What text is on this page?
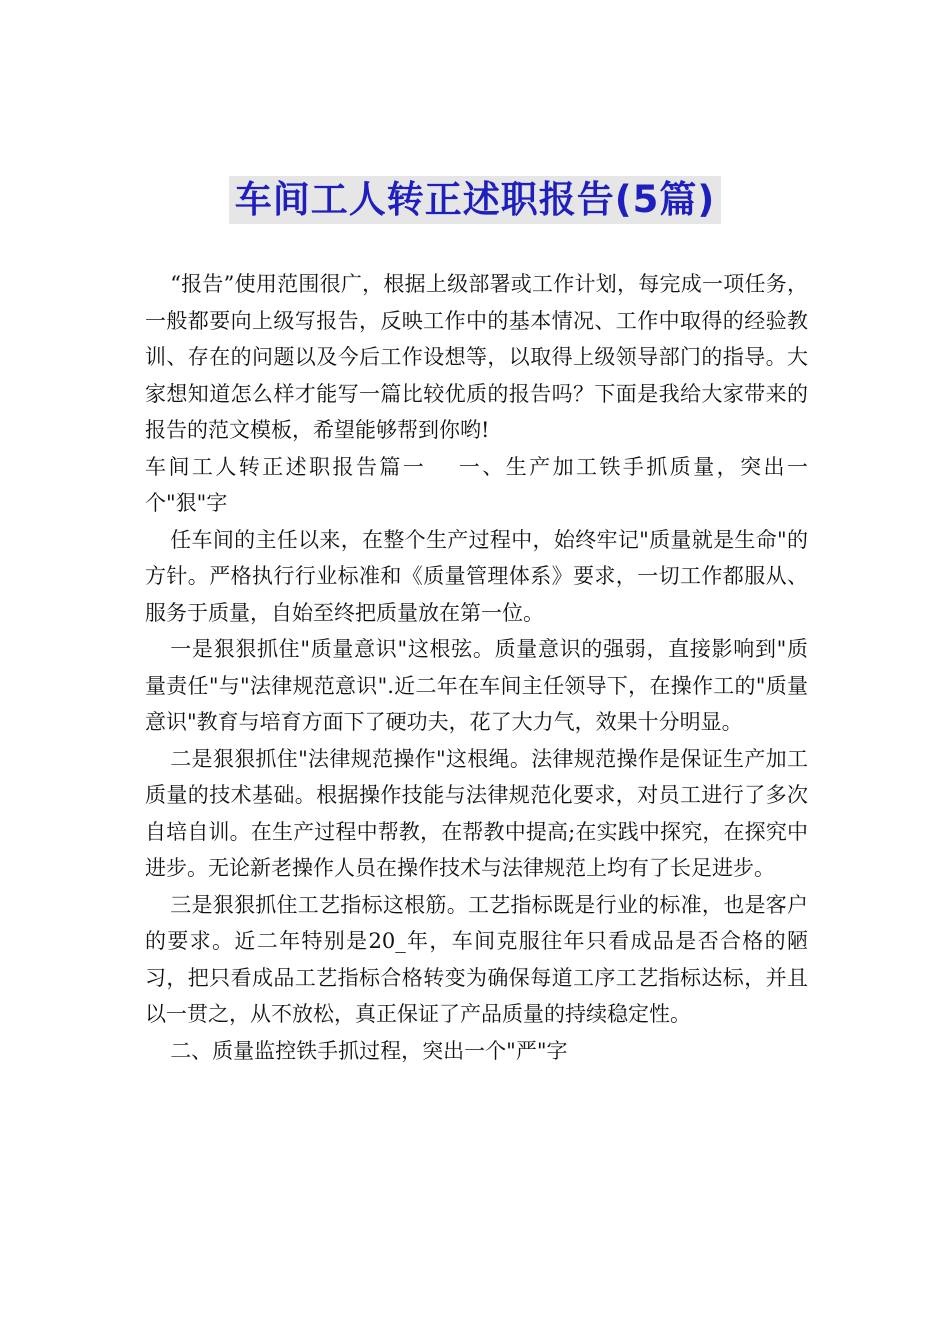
车间工人转正述职报告(5篇)

“报告”使用范围很广，根据上级部署或工作计划，每完成一项任务，一般都要向上级写报告，反映工作中的基本情况、工作中取得的经验教训、存在的问题以及今后工作设想等，以取得上级领导部门的指导。大家想知道怎么样才能写一篇比较优质的报告吗？下面是我给大家带来的报告的范文模板，希望能够帮到你哟!

车间工人转正述职报告篇一　 一、生产加工铁手抓质量，突出一个"狠"字

任车间的主任以来，在整个生产过程中，始终牢记"质量就是生命"的方针。严格执行行业标准和《质量管理体系》要求，一切工作都服从、服务于质量，自始至终把质量放在第一位。

一是狠狠抓住"质量意识"这根弦。质量意识的强弱，直接影响到"质量责任"与"法律规范意识".近二年在车间主任领导下，在操作工的"质量意识"教育与培育方面下了硬功夫，花了大力气，效果十分明显。

二是狠狠抓住"法律规范操作"这根绳。法律规范操作是保证生产加工质量的技术基础。根据操作技能与法律规范化要求，对员工进行了多次自培自训。在生产过程中帮教，在帮教中提高;在实践中探究，在探究中进步。无论新老操作人员在操作技术与法律规范上均有了长足进步。

三是狠狠抓住工艺指标这根筋。工艺指标既是行业的标准，也是客户的要求。近二年特别是20_年，车间克服往年只看成品是否合格的陋习，把只看成品工艺指标合格转变为确保每道工序工艺指标达标，并且以一贯之，从不放松，真正保证了产品质量的持续稳定性。

二、质量监控铁手抓过程，突出一个"严"字
